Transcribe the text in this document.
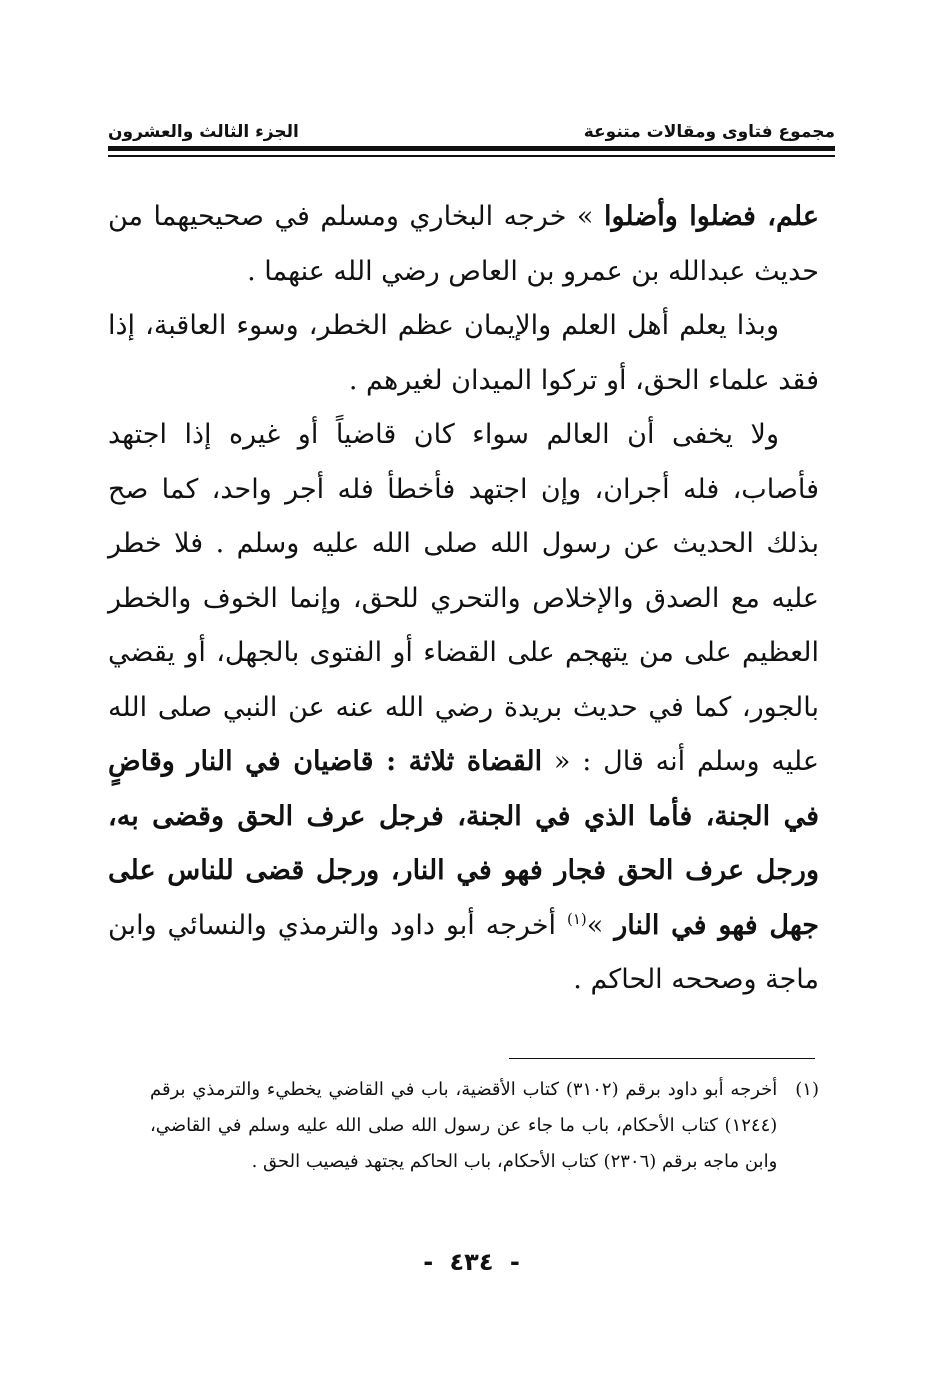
مجموع فتاوى ومقالات متنوعة
الجزء الثالث والعشرون

علم، فضلوا وأضلوا » خرجه البخاري ومسلم في صحيحيهما من حديث عبدالله بن عمرو بن العاص رضي الله عنهما .

وبذا يعلم أهل العلم والإيمان عظم الخطر، وسوء العاقبة، إذا فقد علماء الحق، أو تركوا الميدان لغيرهم .

ولا يخفى أن العالم سواء كان قاضياً أو غيره إذا اجتهد فأصاب، فله أجران، وإن اجتهد فأخطأ فله أجر واحد، كما صح بذلك الحديث عن رسول الله صلى الله عليه وسلم . فلا خطر عليه مع الصدق والإخلاص والتحري للحق، وإنما الخوف والخطر العظيم على من يتهجم على القضاء أو الفتوى بالجهل، أو يقضي بالجور، كما في حديث بريدة رضي الله عنه عن النبي صلى الله عليه وسلم أنه قال : « القضاة ثلاثة : قاضيان في النار وقاضٍ في الجنة، فأما الذي في الجنة، فرجل عرف الحق وقضى به، ورجل عرف الحق فجار فهو في النار، ورجل قضى للناس على جهل فهو في النار »$^{(١)}$ أخرجه أبو داود والترمذي والنسائي وابن ماجة وصححه الحاكم .

(١)
أخرجه أبو داود برقم (٣١٠٢) كتاب الأقضية، باب في القاضي يخطيء والترمذي برقم (١٢٤٤) كتاب الأحكام، باب ما جاء عن رسول الله صلى الله عليه وسلم في القاضي، وابن ماجه برقم (٢٣٠٦) كتاب الأحكام، باب الحاكم يجتهد فيصيب الحق .
- ٤٣٤ -
